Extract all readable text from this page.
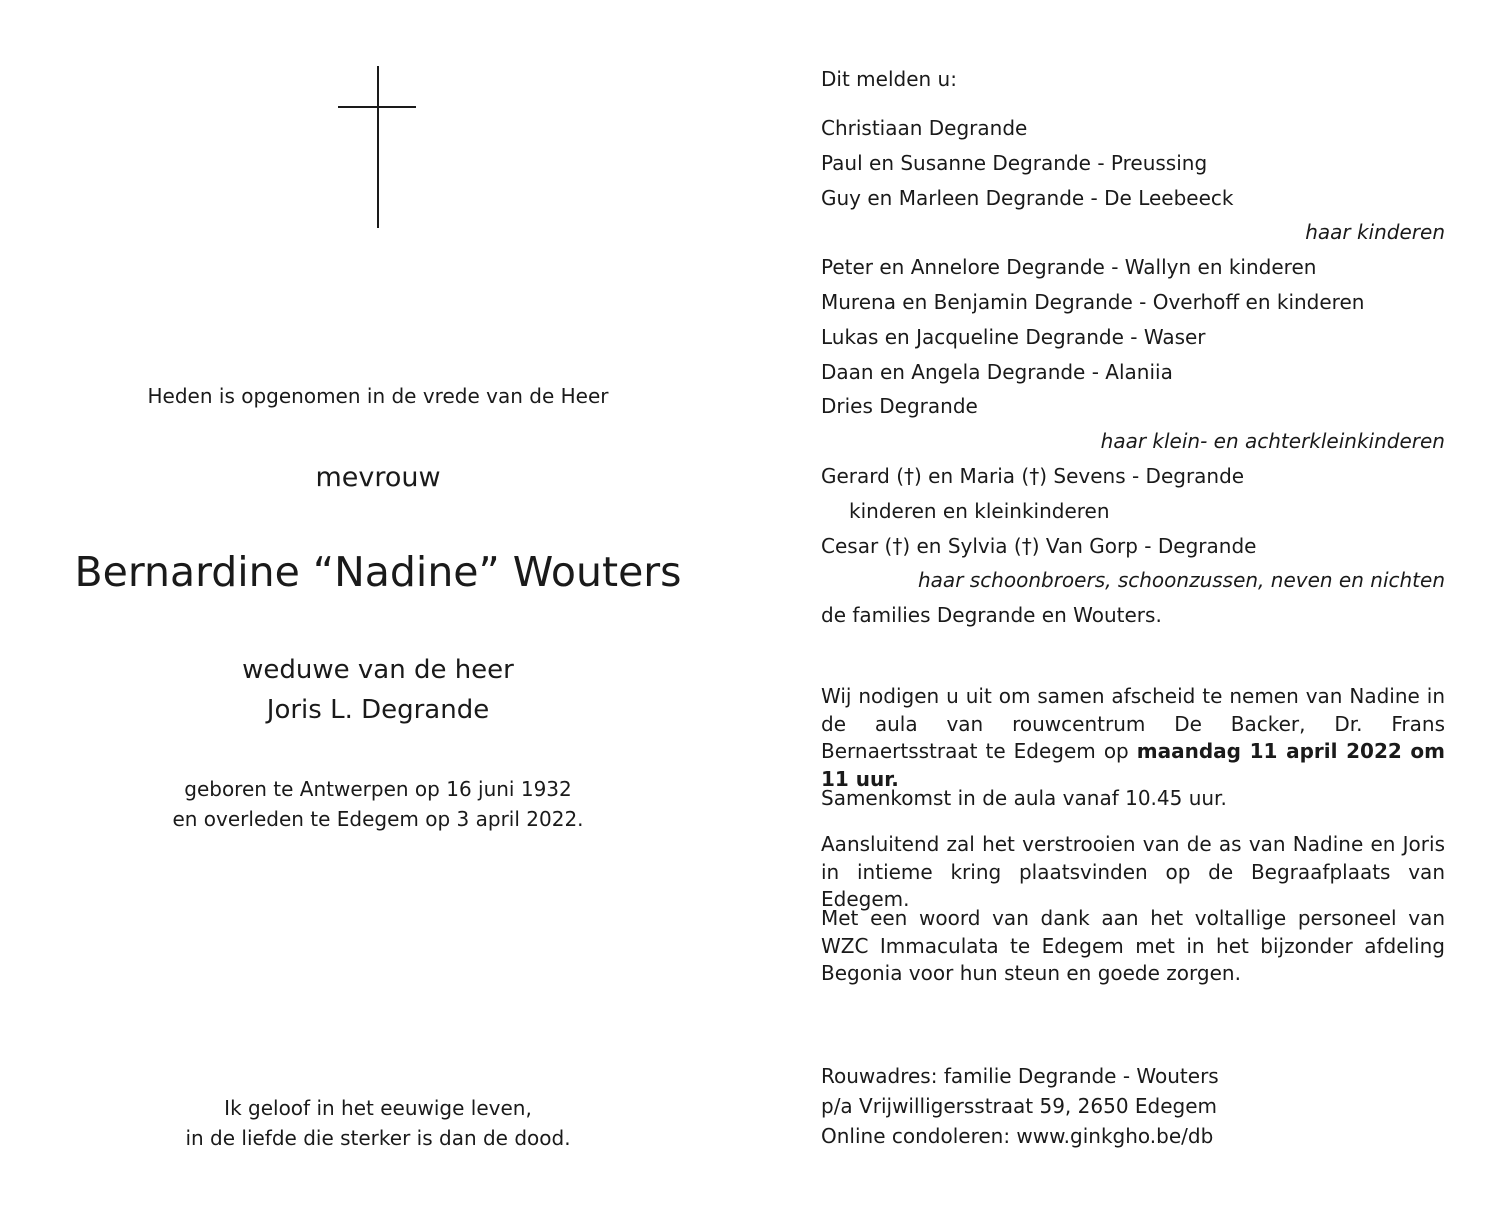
Heden is opgenomen in de vrede van de Heer
mevrouw
Bernardine “Nadine” Wouters
weduwe van de heer
Joris L. Degrande
geboren te Antwerpen op 16 juni 1932
en overleden te Edegem op 3 april 2022.
Ik geloof in het eeuwige leven,
in de liefde die sterker is dan de dood.
Dit melden u:
Christiaan Degrande
Paul en Susanne Degrande - Preussing
Guy en Marleen Degrande - De Leebeeck
haar kinderen
Peter en Annelore Degrande - Wallyn en kinderen
Murena en Benjamin Degrande - Overhoff en kinderen
Lukas en Jacqueline Degrande - Waser
Daan en Angela Degrande - Alaniia
Dries Degrande
haar klein- en achterkleinkinderen
Gerard (†) en Maria (†) Sevens - Degrande
kinderen en kleinkinderen
Cesar (†) en Sylvia (†) Van Gorp - Degrande
haar schoonbroers, schoonzussen, neven en nichten
de families Degrande en Wouters.
Wij nodigen u uit om samen afscheid te nemen van Nadine in de aula van rouwcentrum De Backer, Dr. Frans Bernaertsstraat te Edegem op maandag 11 april 2022 om 11 uur.
Samenkomst in de aula vanaf 10.45 uur.
Aansluitend zal het verstrooien van de as van Nadine en Joris in intieme kring plaatsvinden op de Begraafplaats van Edegem.
Met een woord van dank aan het voltallige personeel van WZC Immaculata te Edegem met in het bijzonder afdeling Begonia voor hun steun en goede zorgen.
Rouwadres: familie Degrande - Wouters
p/a Vrijwilligersstraat 59, 2650 Edegem
Online condoleren: www.ginkgho.be/db
